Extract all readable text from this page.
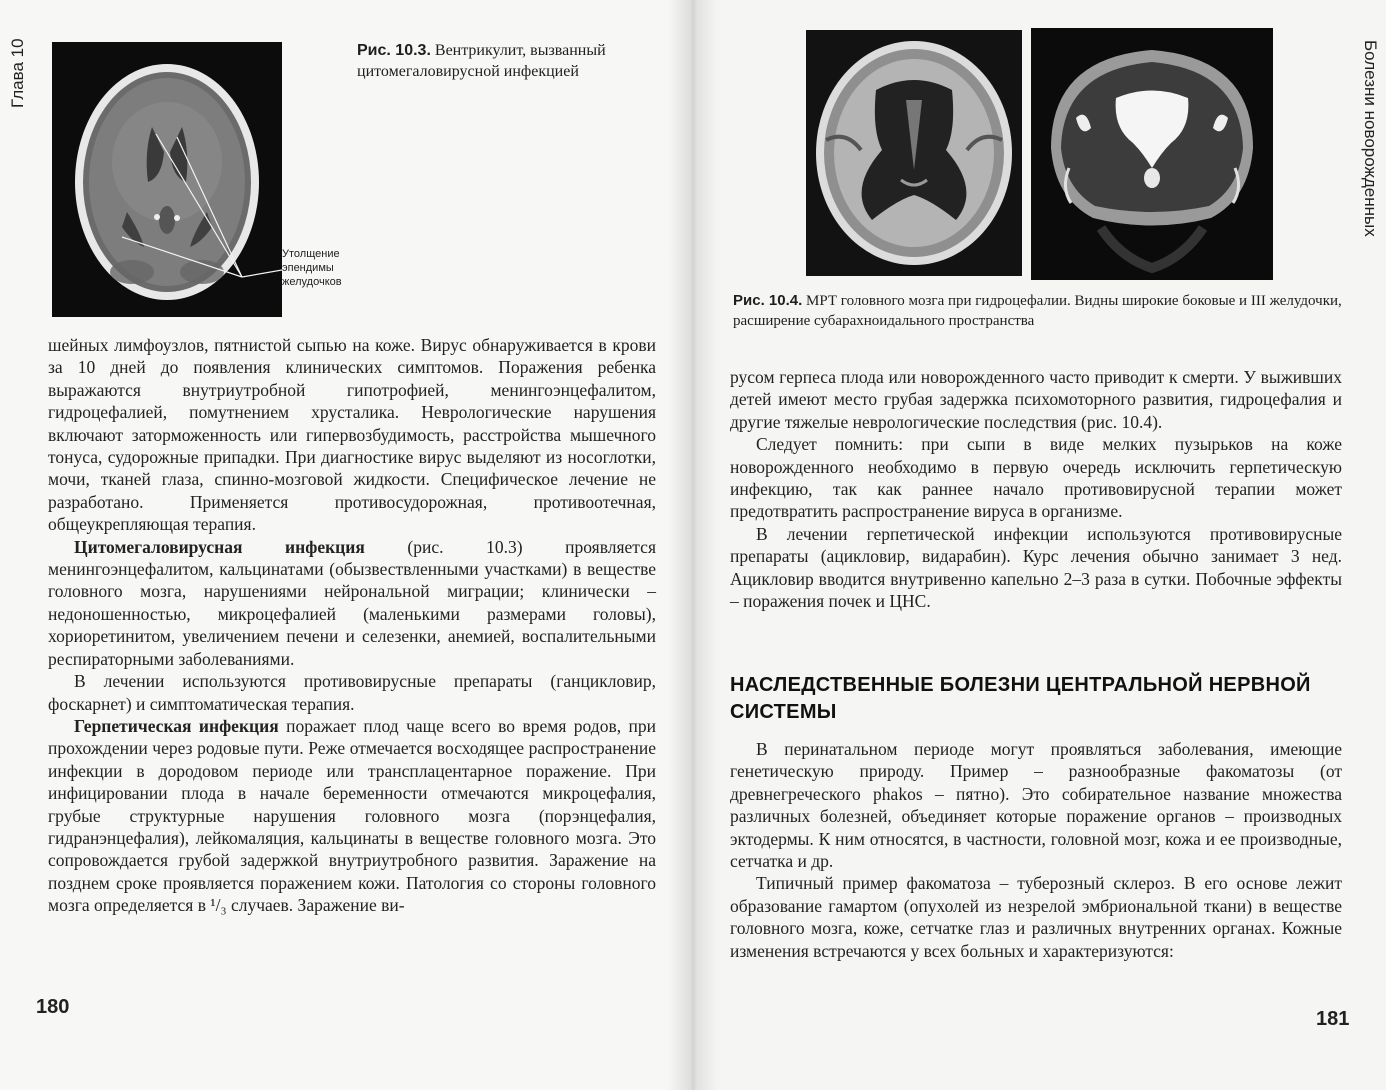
Глава 10
Утолщение эпендимы желудочков
Рис. 10.3. Вентрикулит, вызванный цитомегаловирусной инфекцией

шейных лимфоузлов, пятнистой сыпью на коже. Вирус обнаруживается в крови за 10 дней до появления клинических симптомов. Поражения ребенка выражаются внутриутробной гипотрофией, менингоэнцефалитом, гидроцефалией, помутнением хрусталика. Неврологические нарушения включают заторможенность или гипервозбудимость, расстройства мышечного тонуса, судорожные припадки. При диагностике вирус выделяют из носоглотки, мочи, тканей глаза, спинно-мозговой жидкости. Специфическое лечение не разработано. Применяется противосудорожная, противоотечная, общеукрепляющая терапия.

Цитомегаловирусная инфекция (рис. 10.3) проявляется менингоэнцефалитом, кальцинатами (обызвествленными участками) в веществе головного мозга, нарушениями нейрональной миграции; клинически – недоношенностью, микроцефалией (маленькими размерами головы), хориоретинитом, увеличением печени и селезенки, анемией, воспалительными респираторными заболеваниями.

В лечении используются противовирусные препараты (ганцикловир, фоскарнет) и симптоматическая терапия.

Герпетическая инфекция поражает плод чаще всего во время родов, при прохождении через родовые пути. Реже отмечается восходящее распространение инфекции в дородовом периоде или трансплацентарное поражение. При инфицировании плода в начале беременности отмечаются микроцефалия, грубые структурные нарушения головного мозга (порэнцефалия, гидранэнцефалия), лейкомаляция, кальцинаты в веществе головного мозга. Это сопровождается грубой задержкой внутриутробного развития. Заражение на позднем сроке проявляется поражением кожи. Патология со стороны головного мозга определяется в ¹/₃ случаев. Заражение ви-

180
Болезни новорожденных
Рис. 10.4. МРТ головного мозга при гидроцефалии. Видны широкие боковые и III желудочки, расширение субарахноидального пространства

русом герпеса плода или новорожденного часто приводит к смерти. У выживших детей имеют место грубая задержка психомоторного развития, гидроцефалия и другие тяжелые неврологические последствия (рис. 10.4).

Следует помнить: при сыпи в виде мелких пузырьков на коже новорожденного необходимо в первую очередь исключить герпетическую инфекцию, так как раннее начало противовирусной терапии может предотвратить распространение вируса в организме.

В лечении герпетической инфекции используются противовирусные препараты (ацикловир, видарабин). Курс лечения обычно занимает 3 нед. Ацикловир вводится внутривенно капельно 2–3 раза в сутки. Побочные эффекты – поражения почек и ЦНС.

НАСЛЕДСТВЕННЫЕ БОЛЕЗНИ ЦЕНТРАЛЬНОЙ НЕРВНОЙ СИСТЕМЫ

В перинатальном периоде могут проявляться заболевания, имеющие генетическую природу. Пример – разнообразные факоматозы (от древнегреческого phakos – пятно). Это собирательное название множества различных болезней, объединяет которые поражение органов – производных эктодермы. К ним относятся, в частности, головной мозг, кожа и ее производные, сетчатка и др.

Типичный пример факоматоза – туберозный склероз. В его основе лежит образование гамартом (опухолей из незрелой эмбриональной ткани) в веществе головного мозга, коже, сетчатке глаз и различных внутренних органах. Кожные изменения встречаются у всех больных и характеризуются:

181
